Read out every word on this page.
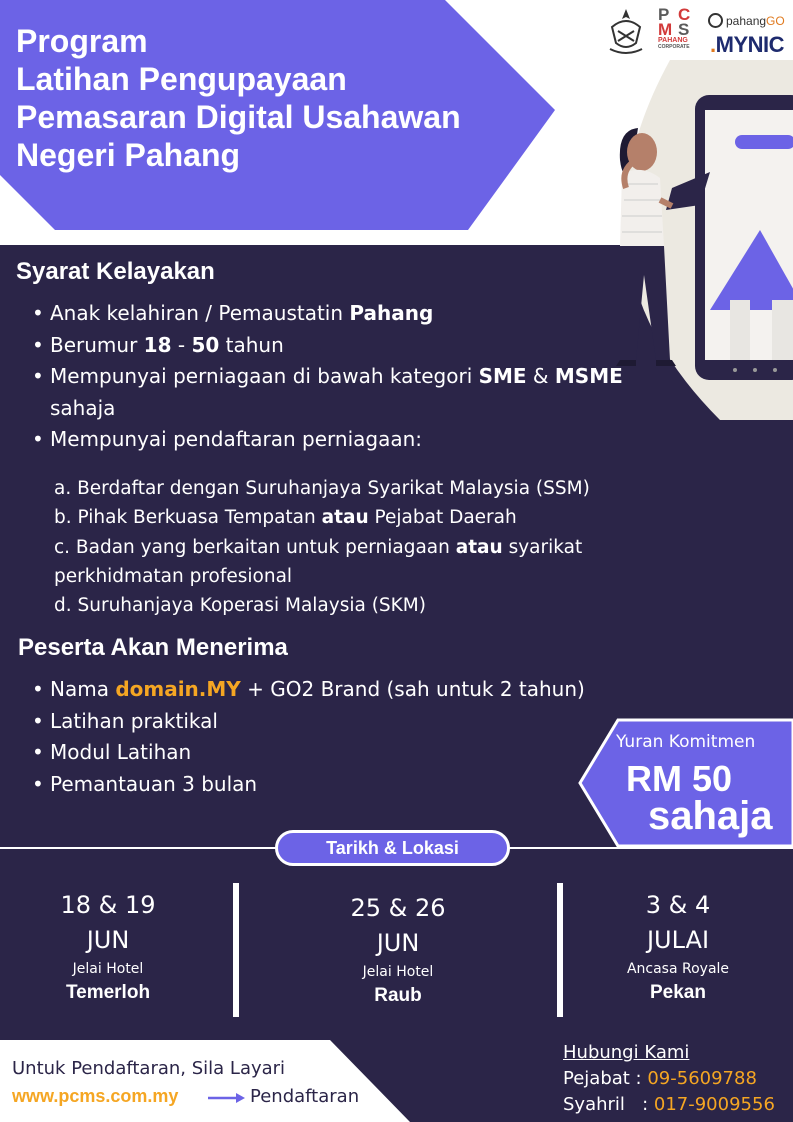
Program
Latihan Pengupayaan
Pemasaran Digital Usahawan
Negeri Pahang
P C
M S
PAHANG
CORPORATE
pahangGO
.MYNIC
Syarat Kelayakan
• Anak kelahiran / Pemaustatin Pahang
• Berumur 18 - 50 tahun
• Mempunyai perniagaan di bawah kategori SME & MSME sahaja
• Mempunyai pendaftaran perniagaan:
a. Berdaftar dengan Suruhanjaya Syarikat Malaysia (SSM)
b. Pihak Berkuasa Tempatan atau Pejabat Daerah
c. Badan yang berkaitan untuk perniagaan atau syarikat
perkhidmatan profesional
d. Suruhanjaya Koperasi Malaysia (SKM)
Peserta Akan Menerima
• Nama domain.MY + GO2 Brand (sah untuk 2 tahun)
• Latihan praktikal
• Modul Latihan
• Pemantauan 3 bulan
Yuran Komitmen
RM 50
sahaja
Tarikh & Lokasi
18 & 19
JUN
Jelai Hotel
Temerloh
25 & 26
JUN
Jelai Hotel
Raub
3 & 4
JULAI
Ancasa Royale
Pekan
Untuk Pendaftaran, Sila Layari
www.pcms.com.my	Pendaftaran
Hubungi Kami
Pejabat : 09-5609788
Syahril   : 017-9009556
